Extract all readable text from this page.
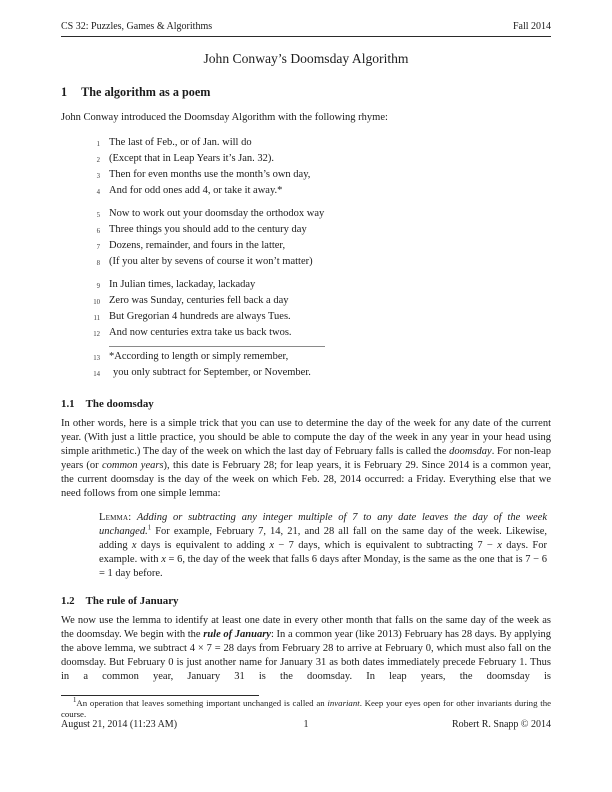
CS 32: Puzzles, Games & Algorithms	Fall 2014
John Conway’s Doomsday Algorithm
1 The algorithm as a poem

John Conway introduced the Doomsday Algorithm with the following rhyme:

1 The last of Feb., or of Jan. will do
2 (Except that in Leap Years it’s Jan. 32).
3 Then for even months use the month’s own day,
4 And for odd ones add 4, or take it away.*
5 Now to work out your doomsday the orthodox way
6 Three things you should add to the century day
7 Dozens, remainder, and fours in the latter,
8 (If you alter by sevens of course it won’t matter)
9 In Julian times, lackaday, lackaday
10 Zero was Sunday, centuries fell back a day
11 But Gregorian 4 hundreds are always Tues.
12 And now centuries extra take us back twos.
13 *According to length or simply remember,
14	you only subtract for September, or November.
1.1 The doomsday

In other words, here is a simple trick that you can use to determine the day of the week for any date of the current year. (With just a little practice, you should be able to compute the day of the week in any year in your head using simple arithmetic.) The day of the week on which the last day of February falls is called the doomsday. For non-leap years (or common years), this date is February 28; for leap years, it is February 29. Since 2014 is a common year, the current doomsday is the day of the week on which Feb. 28, 2014 occurred: a Friday. Everything else that we need follows from one simple lemma:

Lemma: Adding or subtracting any integer multiple of 7 to any date leaves the day of the week unchanged.$^1$ For example, February 7, 14, 21, and 28 all fall on the same day of the week. Likewise, adding x days is equivalent to adding x − 7 days, which is equivalent to subtracting 7 − x days. For example. with x = 6, the day of the week that falls 6 days after Monday, is the same as the one that is 7 − 6 = 1 day before.
1.2 The rule of January

We now use the lemma to identify at least one date in every other month that falls on the same day of the week as the doomsday. We begin with the rule of January: In a common year (like 2013) February has 28 days. By applying the above lemma, we subtract 4 × 7 = 28 days from February 28 to arrive at February 0, which must also fall on the doomsday. But February 0 is just another name for January 31 as both dates immediately precede February 1. Thus in a common year, January 31 is the doomsday. In leap years, the doomsday is

$^1$An operation that leaves something important unchanged is called an invariant. Keep your eyes open for other invariants during the course.
August 21, 2014 (11:23 AM)	1	Robert R. Snapp © 2014
